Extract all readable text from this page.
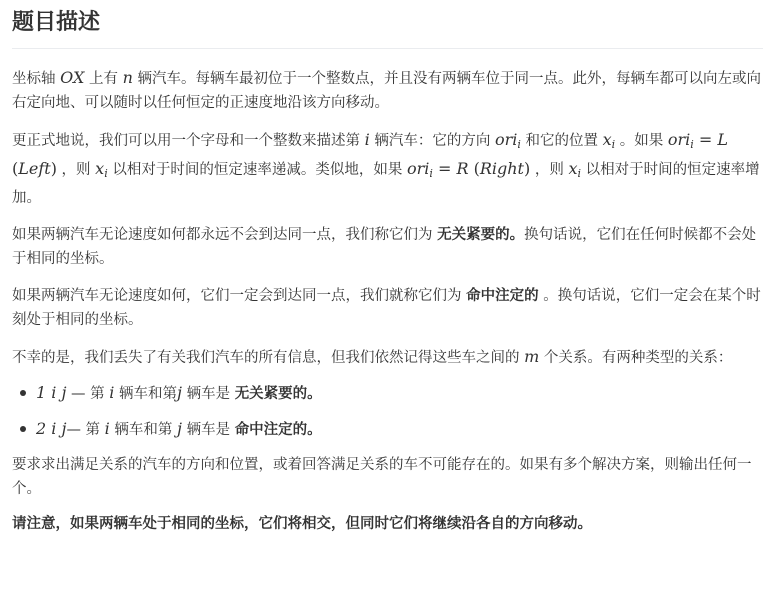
题目描述

坐标轴 OX 上有 n 辆汽车。每辆车最初位于一个整数点，并且没有两辆车位于同一点。此外，每辆车都可以向左或向右定向地、可以随时以任何恒定的正速度地沿该方向移动。

更正式地说，我们可以用一个字母和一个整数来描述第 i 辆汽车：它的方向 ori$_i$ 和它的位置 $x_i$ 。如果 ori$_i$ = L (Left) ，则 $x_i$ 以相对于时间的恒定速率递减。类似地，如果 ori$_i$ = R (Right) ，则 $x_i$ 以相对于时间的恒定速率增加。

如果两辆汽车无论速度如何都永远不会到达同一点，我们称它们为 无关紧要的。换句话说，它们在任何时候都不会处于相同的坐标。

如果两辆汽车无论速度如何，它们一定会到达同一点，我们就称它们为 命中注定的 。换句话说，它们一定会在某个时刻处于相同的坐标。

不幸的是，我们丢失了有关我们汽车的所有信息，但我们依然记得这些车之间的 m 个关系。有两种类型的关系：

1 i j — 第 i 辆车和第j 辆车是 无关紧要的。
2 i j— 第 i 辆车和第 j 辆车是 命中注定的。

要求求出满足关系的汽车的方向和位置，或着回答满足关系的车不可能存在的。如果有多个解决方案，则输出任何一个。

请注意，如果两辆车处于相同的坐标，它们将相交，但同时它们将继续沿各自的方向移动。
